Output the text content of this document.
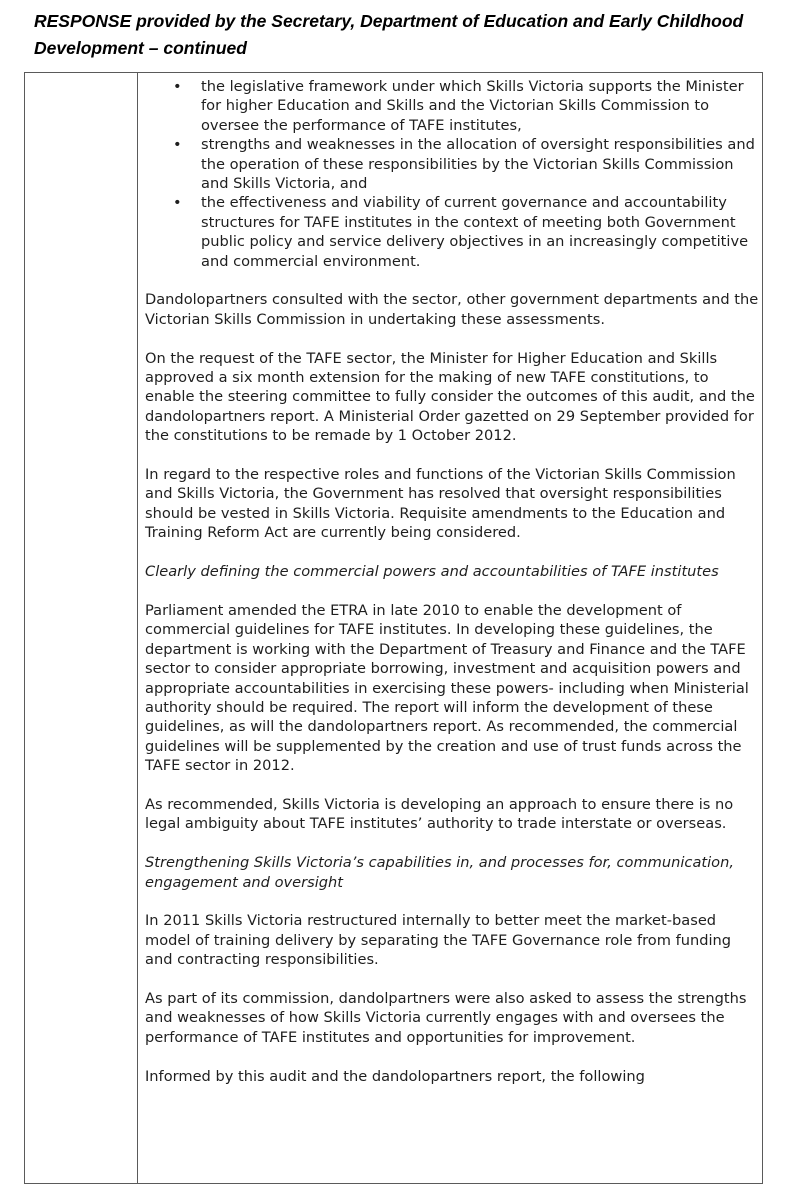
RESPONSE provided by the Secretary, Department of Education and Early Childhood Development – continued
• the legislative framework under which Skills Victoria supports the Minister for higher Education and Skills and the Victorian Skills Commission to oversee the performance of TAFE institutes,
• strengths and weaknesses in the allocation of oversight responsibilities and the operation of these responsibilities by the Victorian Skills Commission and Skills Victoria, and
• the effectiveness and viability of current governance and accountability structures for TAFE institutes in the context of meeting both Government public policy and service delivery objectives in an increasingly competitive and commercial environment.

Dandolopartners consulted with the sector, other government departments and the Victorian Skills Commission in undertaking these assessments.

On the request of the TAFE sector, the Minister for Higher Education and Skills approved a six month extension for the making of new TAFE constitutions, to enable the steering committee to fully consider the outcomes of this audit, and the dandolopartners report. A Ministerial Order gazetted on 29 September provided for the constitutions to be remade by 1 October 2012.

In regard to the respective roles and functions of the Victorian Skills Commission and Skills Victoria, the Government has resolved that oversight responsibilities should be vested in Skills Victoria. Requisite amendments to the Education and Training Reform Act are currently being considered.

Clearly defining the commercial powers and accountabilities of TAFE institutes

Parliament amended the ETRA in late 2010 to enable the development of commercial guidelines for TAFE institutes. In developing these guidelines, the department is working with the Department of Treasury and Finance and the TAFE sector to consider appropriate borrowing, investment and acquisition powers and appropriate accountabilities in exercising these powers- including when Ministerial authority should be required. The report will inform the development of these guidelines, as will the dandolopartners report. As recommended, the commercial guidelines will be supplemented by the creation and use of trust funds across the TAFE sector in 2012.

As recommended, Skills Victoria is developing an approach to ensure there is no legal ambiguity about TAFE institutes’ authority to trade interstate or overseas.

Strengthening Skills Victoria’s capabilities in, and processes for, communication, engagement and oversight

In 2011 Skills Victoria restructured internally to better meet the market-based model of training delivery by separating the TAFE Governance role from funding and contracting responsibilities.

As part of its commission, dandolpartners were also asked to assess the strengths and weaknesses of how Skills Victoria currently engages with and oversees the performance of TAFE institutes and opportunities for improvement.

Informed by this audit and the dandolopartners report, the following
